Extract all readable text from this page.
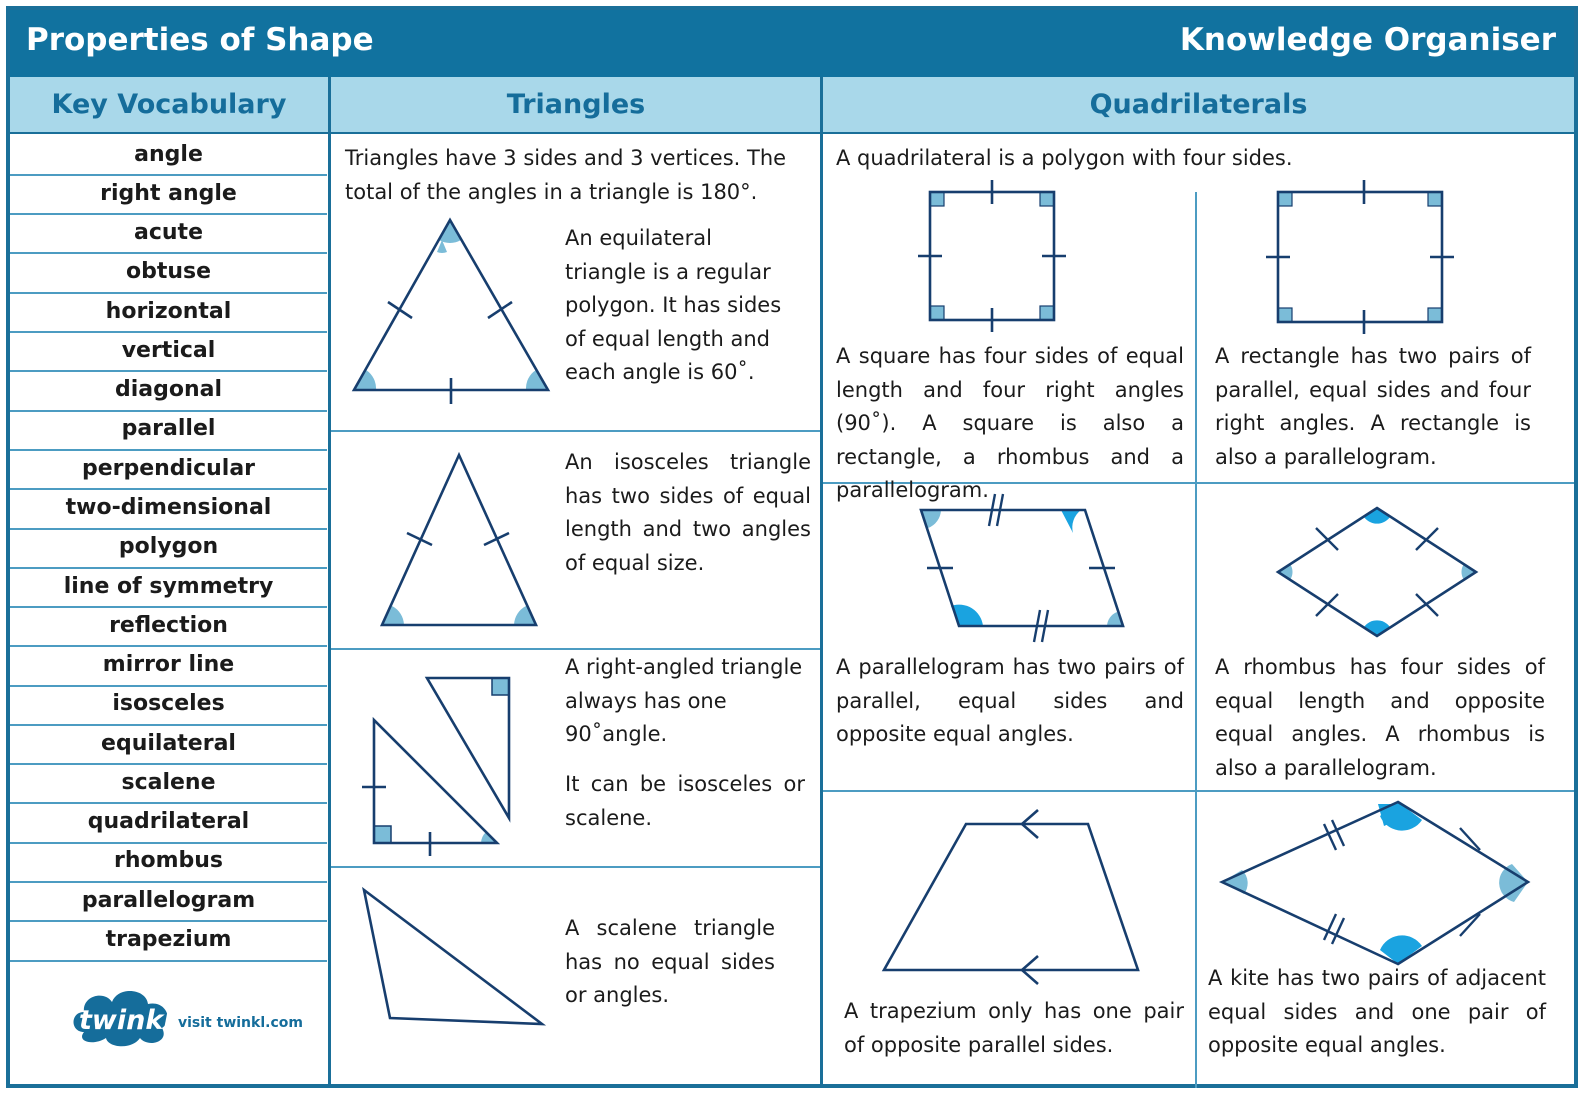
Properties of Shape	Knowledge Organiser
Key Vocabulary	Triangles	Quadrilaterals
angle
right angle
acute
obtuse
horizontal
vertical
diagonal
parallel
perpendicular
two-dimensional
polygon
line of symmetry
reflection
mirror line
isosceles
equilateral
scalene
quadrilateral
rhombus
parallelogram
trapezium
twinkl visit twinkl.com
Triangles have 3 sides and 3 vertices. The total of the angles in a triangle is 180°.
An equilateral triangle is a regular polygon. It has sides of equal length and each angle is 60˚.
An isosceles triangle has two sides of equal length and two angles of equal size.
A right-angled triangle always has one 90˚angle.
It can be isosceles or scalene.
A scalene triangle has no equal sides or angles.
A quadrilateral is a polygon with four sides.
A square has four sides of equal length and four right angles (90˚). A square is also a rectangle, a rhombus and a parallelogram.
A rectangle has two pairs of parallel, equal sides and four right angles. A rectangle is also a parallelogram.
A parallelogram has two pairs of parallel, equal sides and opposite equal angles.
A rhombus has four sides of equal length and opposite equal angles. A rhombus is also a parallelogram.
A trapezium only has one pair of opposite parallel sides.
A kite has two pairs of adjacent equal sides and one pair of opposite equal angles.
